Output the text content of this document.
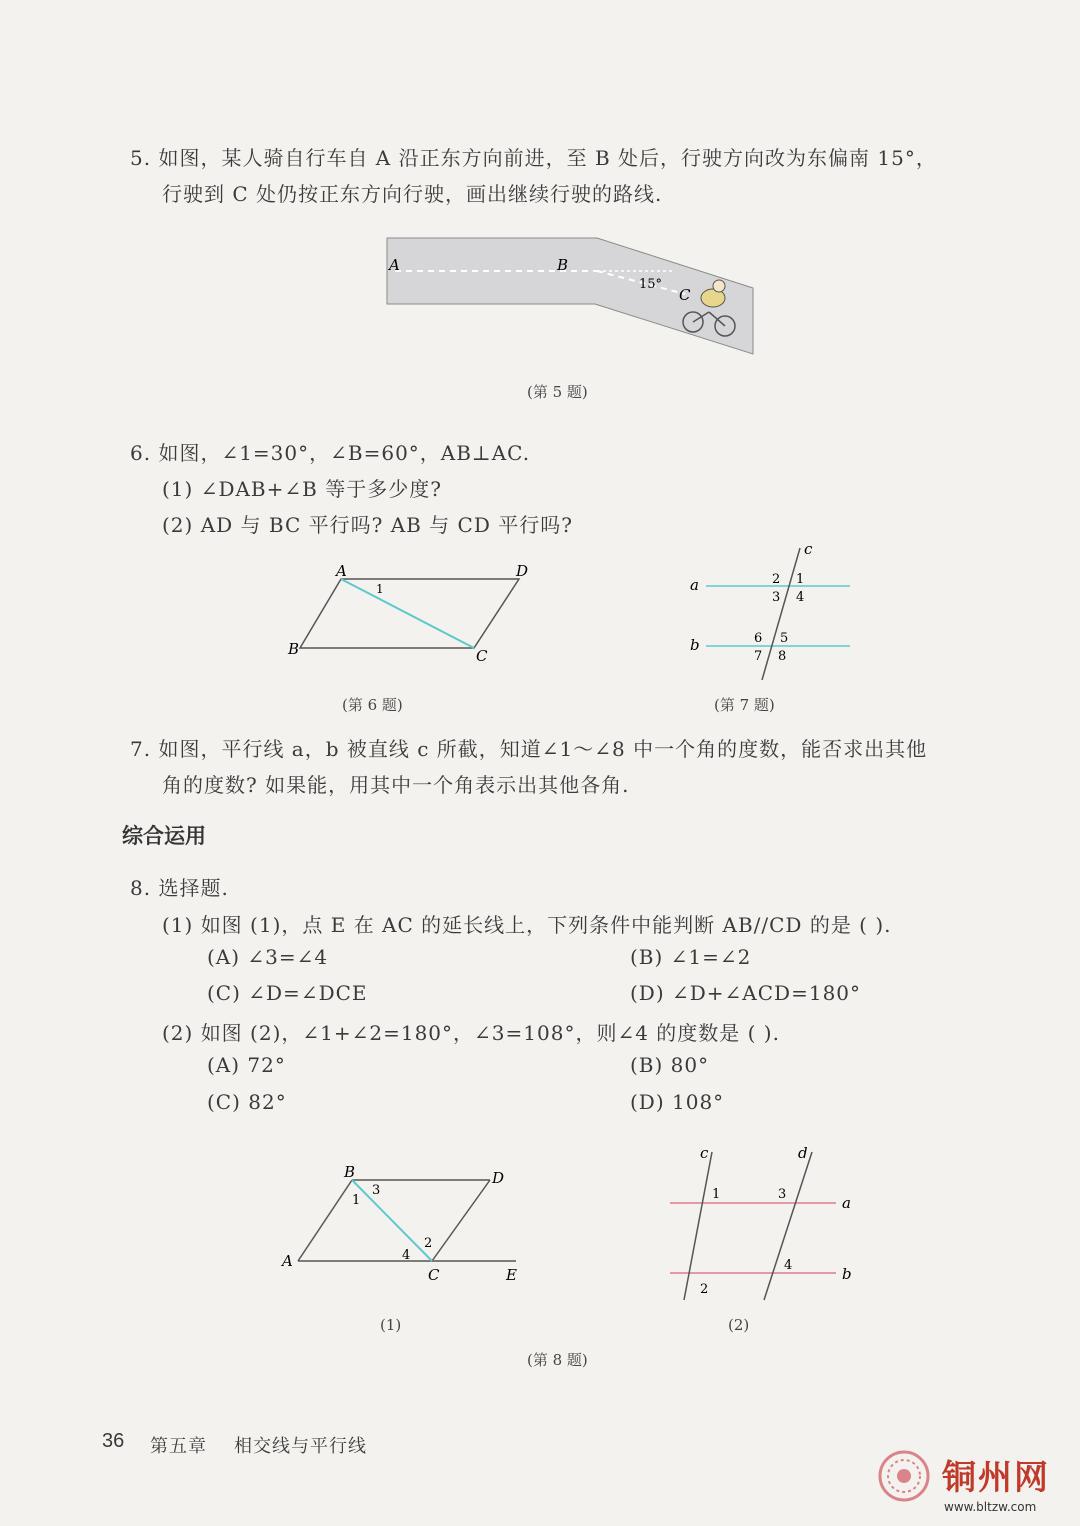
5. 如图，某人骑自行车自 A 沿正东方向前进，至 B 处后，行驶方向改为东偏南 15°，
行驶到 C 处仍按正东方向行驶，画出继续行驶的路线.
A	B
15°
C
(第 5 题)
6. 如图，∠1=30°，∠B=60°，AB⊥AC.
(1) ∠DAB+∠B 等于多少度?
(2) AD 与 BC 平行吗? AB 与 CD 平行吗?
A	D
B	C
1
(第 6 题)
c
a
b
2 1
3 4
6 5
7 8
(第 7 题)
7. 如图，平行线 a，b 被直线 c 所截，知道∠1～∠8 中一个角的度数，能否求出其他
角的度数? 如果能，用其中一个角表示出其他各角.
综合运用
8. 选择题.
(1) 如图 (1)，点 E 在 AC 的延长线上，下列条件中能判断 AB//CD 的是 ( ).
(A) ∠3=∠4	(B) ∠1=∠2
(C) ∠D=∠DCE	(D) ∠D+∠ACD=180°
(2) 如图 (2)，∠1+∠2=180°，∠3=108°，则∠4 的度数是 ( ).
(A) 72°	(B) 80°
(C) 82°	(D) 108°
B	D
A
C	E
1
3
2
4
(1)
c	d
a
b
1	3
4
2
(2)
(第 8 题)
36 第五章 相交线与平行线
铜州网
www.bltzw.com
